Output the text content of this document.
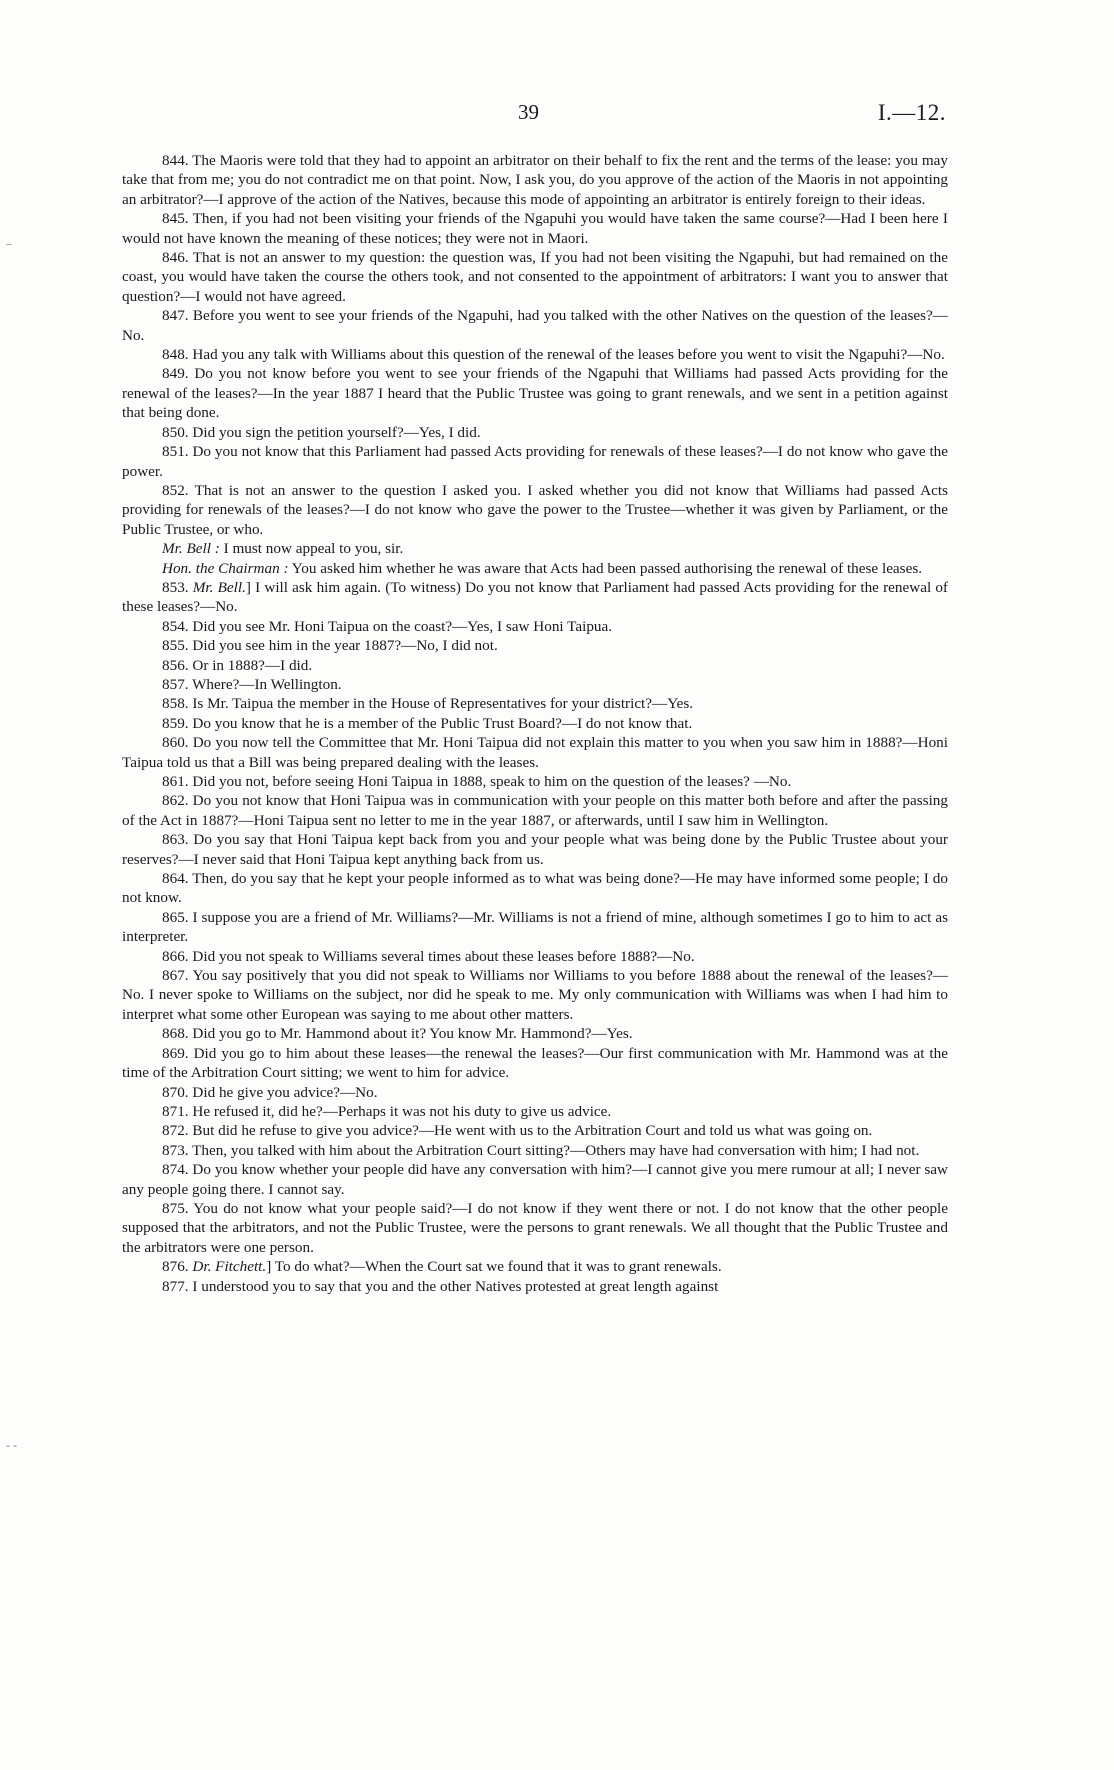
39	I.—12.
–
- -

844. The Maoris were told that they had to appoint an arbitrator on their behalf to fix the rent and the terms of the lease: you may take that from me; you do not contradict me on that point. Now, I ask you, do you approve of the action of the Maoris in not appointing an arbitrator?—I approve of the action of the Natives, because this mode of appointing an arbitrator is entirely foreign to their ideas.

845. Then, if you had not been visiting your friends of the Ngapuhi you would have taken the same course?—Had I been here I would not have known the meaning of these notices; they were not in Maori.

846. That is not an answer to my question: the question was, If you had not been visiting the Ngapuhi, but had remained on the coast, you would have taken the course the others took, and not consented to the appointment of arbitrators: I want you to answer that question?—I would not have agreed.

847. Before you went to see your friends of the Ngapuhi, had you talked with the other Natives on the question of the leases?—No.

848. Had you any talk with Williams about this question of the renewal of the leases before you went to visit the Ngapuhi?—No.

849. Do you not know before you went to see your friends of the Ngapuhi that Williams had passed Acts providing for the renewal of the leases?—In the year 1887 I heard that the Public Trustee was going to grant renewals, and we sent in a petition against that being done.

850. Did you sign the petition yourself?—Yes, I did.

851. Do you not know that this Parliament had passed Acts providing for renewals of these leases?—I do not know who gave the power.

852. That is not an answer to the question I asked you. I asked whether you did not know that Williams had passed Acts providing for renewals of the leases?—I do not know who gave the power to the Trustee—whether it was given by Parliament, or the Public Trustee, or who.

Mr. Bell : I must now appeal to you, sir.

Hon. the Chairman : You asked him whether he was aware that Acts had been passed authorising the renewal of these leases.

853. Mr. Bell.] I will ask him again. (To witness) Do you not know that Parliament had passed Acts providing for the renewal of these leases?—No.

854. Did you see Mr. Honi Taipua on the coast?—Yes, I saw Honi Taipua.

855. Did you see him in the year 1887?—No, I did not.

856. Or in 1888?—I did.

857. Where?—In Wellington.

858. Is Mr. Taipua the member in the House of Representatives for your district?—Yes.

859. Do you know that he is a member of the Public Trust Board?—I do not know that.

860. Do you now tell the Committee that Mr. Honi Taipua did not explain this matter to you when you saw him in 1888?—Honi Taipua told us that a Bill was being prepared dealing with the leases.

861. Did you not, before seeing Honi Taipua in 1888, speak to him on the question of the leases? —No.

862. Do you not know that Honi Taipua was in communication with your people on this matter both before and after the passing of the Act in 1887?—Honi Taipua sent no letter to me in the year 1887, or afterwards, until I saw him in Wellington.

863. Do you say that Honi Taipua kept back from you and your people what was being done by the Public Trustee about your reserves?—I never said that Honi Taipua kept anything back from us.

864. Then, do you say that he kept your people informed as to what was being done?—He may have informed some people; I do not know.

865. I suppose you are a friend of Mr. Williams?—Mr. Williams is not a friend of mine, although sometimes I go to him to act as interpreter.

866. Did you not speak to Williams several times about these leases before 1888?—No.

867. You say positively that you did not speak to Williams nor Williams to you before 1888 about the renewal of the leases?—No. I never spoke to Williams on the subject, nor did he speak to me. My only communication with Williams was when I had him to interpret what some other European was saying to me about other matters.

868. Did you go to Mr. Hammond about it? You know Mr. Hammond?—Yes.

869. Did you go to him about these leases—the renewal the leases?—Our first communication with Mr. Hammond was at the time of the Arbitration Court sitting; we went to him for advice.

870. Did he give you advice?—No.

871. He refused it, did he?—Perhaps it was not his duty to give us advice.

872. But did he refuse to give you advice?—He went with us to the Arbitration Court and told us what was going on.

873. Then, you talked with him about the Arbitration Court sitting?—Others may have had conversation with him; I had not.

874. Do you know whether your people did have any conversation with him?—I cannot give you mere rumour at all; I never saw any people going there. I cannot say.

875. You do not know what your people said?—I do not know if they went there or not. I do not know that the other people supposed that the arbitrators, and not the Public Trustee, were the persons to grant renewals. We all thought that the Public Trustee and the arbitrators were one person.

876. Dr. Fitchett.] To do what?—When the Court sat we found that it was to grant renewals.

877. I understood you to say that you and the other Natives protested at great length against
